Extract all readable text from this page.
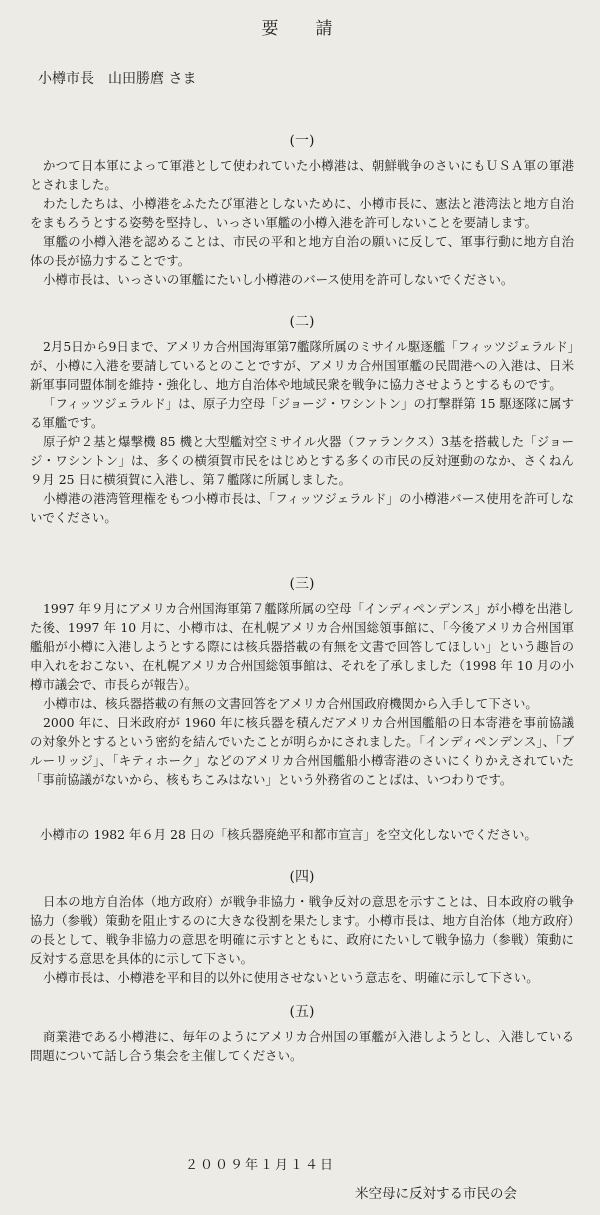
要　請
小樽市長　山田勝麿 さま
(一)

かつて日本軍によって軍港として使われていた小樽港は、朝鮮戦争のさいにもＵＳＡ軍の軍港とされました。

わたしたちは、小樽港をふたたび軍港としないために、小樽市長に、憲法と港湾法と地方自治をまもろうとする姿勢を堅持し、いっさい軍艦の小樽入港を許可しないことを要請します。

軍艦の小樽入港を認めることは、市民の平和と地方自治の願いに反して、軍事行動に地方自治体の長が協力することです。

小樽市長は、いっさいの軍艦にたいし小樽港のバース使用を許可しないでください。

(二)

2月5日から9日まで、アメリカ合州国海軍第7艦隊所属のミサイル駆逐艦「フィッツジェラルド」が、小樽に入港を要請しているとのことですが、アメリカ合州国軍艦の民間港への入港は、日米新軍事同盟体制を維持・強化し、地方自治体や地域民衆を戦争に協力させようとするものです。

「フィッツジェラルド」は、原子力空母「ジョージ・ワシントン」の打撃群第 15 駆逐隊に属する軍艦です。

原子炉２基と爆撃機 85 機と大型艦対空ミサイル火器（ファランクス）3基を搭載した「ジョージ・ワシントン」は、多くの横須賀市民をはじめとする多くの市民の反対運動のなか、さくねん９月 25 日に横須賀に入港し、第７艦隊に所属しました。

小樽港の港湾管理権をもつ小樽市長は、「フィッツジェラルド」の小樽港バース使用を許可しないでください。

(三)

1997 年９月にアメリカ合州国海軍第７艦隊所属の空母「インディペンデンス」が小樽を出港した後、1997 年 10 月に、小樽市は、在札幌アメリカ合州国総領事館に、「今後アメリカ合州国軍艦船が小樽に入港しようとする際には核兵器搭載の有無を文書で回答してほしい」という趣旨の申入れをおこない、在札幌アメリカ合州国総領事館は、それを了承しました（1998 年 10 月の小樽市議会で、市長らが報告）。

小樽市は、核兵器搭載の有無の文書回答をアメリカ合州国政府機関から入手して下さい。

2000 年に、日米政府が 1960 年に核兵器を積んだアメリカ合州国艦船の日本寄港を事前協議の対象外とするという密約を結んでいたことが明らかにされました。「インディペンデンス」、「ブルーリッジ」、「キティホーク」などのアメリカ合州国艦船小樽寄港のさいにくりかえされていた「事前協議がないから、核もちこみはない」という外務省のことばは、いつわりです。

小樽市の 1982 年６月 28 日の「核兵器廃絶平和都市宣言」を空文化しないでください。

(四)

日本の地方自治体（地方政府）が戦争非協力・戦争反対の意思を示すことは、日本政府の戦争協力（参戦）策動を阻止するのに大きな役割を果たします。小樽市長は、地方自治体（地方政府）の長として、戦争非協力の意思を明確に示すとともに、政府にたいして戦争協力（参戦）策動に反対する意思を具体的に示して下さい。

小樽市長は、小樽港を平和目的以外に使用させないという意志を、明確に示して下さい。

(五)

商業港である小樽港に、毎年のようにアメリカ合州国の軍艦が入港しようとし、入港している問題について話し合う集会を主催してください。

２００９年１月１４日
米空母に反対する市民の会
